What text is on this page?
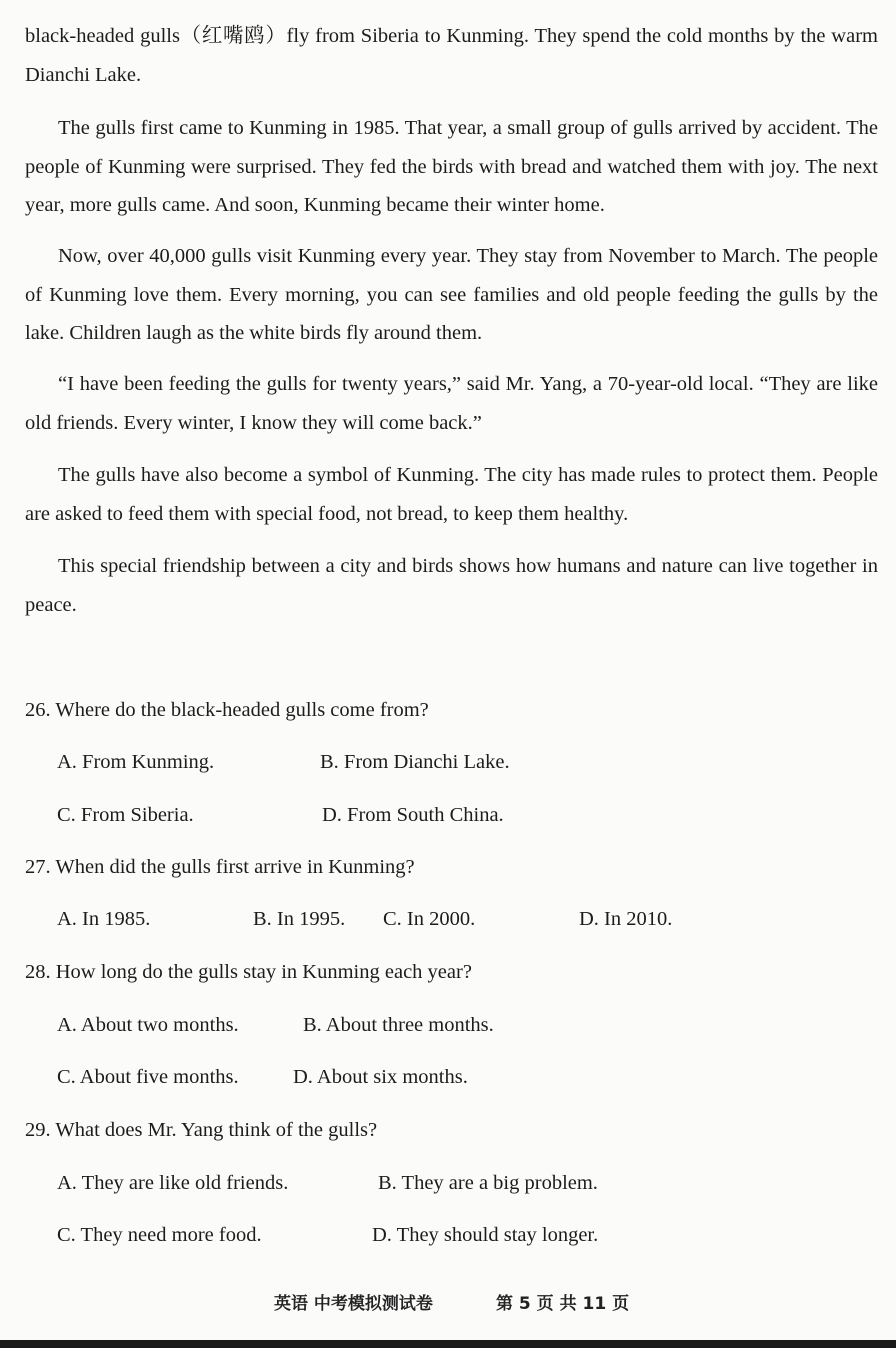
black-headed gulls（红嘴鸥）fly from Siberia to Kunming. They spend the cold months by the warm Dianchi Lake.

The gulls first came to Kunming in 1985. That year, a small group of gulls arrived by accident. The people of Kunming were surprised. They fed the birds with bread and watched them with joy. The next year, more gulls came. And soon, Kunming became their winter home.

Now, over 40,000 gulls visit Kunming every year. They stay from November to March. The people of Kunming love them. Every morning, you can see families and old people feeding the gulls by the lake. Children laugh as the white birds fly around them.

“I have been feeding the gulls for twenty years,” said Mr. Yang, a 70-year-old local. “They are like old friends. Every winter, I know they will come back.”

The gulls have also become a symbol of Kunming. The city has made rules to protect them. People are asked to feed them with special food, not bread, to keep them healthy.

This special friendship between a city and birds shows how humans and nature can live together in peace.

26. Where do the black-headed gulls come from?
A. From Kunming.	B. From Dianchi Lake.
C. From Siberia.	D. From South China.
27. When did the gulls first arrive in Kunming?
A. In 1985.	B. In 1995. C. In 2000.	D. In 2010.
28. How long do the gulls stay in Kunming each year?
A. About two months.	B. About three months.
C. About five months.	D. About six months.
29. What does Mr. Yang think of the gulls?
A. They are like old friends.	B. They are a big problem.
C. They need more food.	D. They should stay longer.
英语 中考模拟测试卷	第 5 页 共 11 页
